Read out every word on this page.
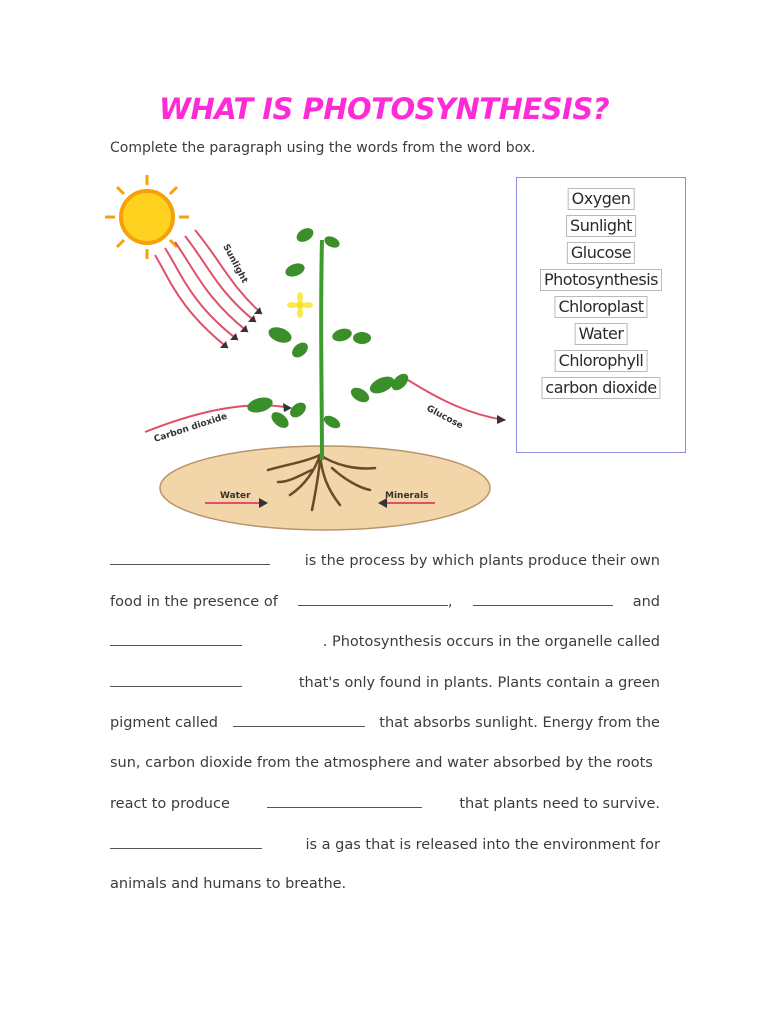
WHAT IS PHOTOSYNTHESIS?
Complete the paragraph using the words from the word box.
Sunlight
Carbon dioxide	Glucose
Water	Minerals
Oxygen
Sunlight
Glucose
Photosynthesis
Chloroplast
Water
Chlorophyll
carbon dioxide
is the process by which plants produce their own
food in the presence of	,	and
. Photosynthesis occurs in the organelle called
that's only found in plants. Plants contain a green
pigment called	that absorbs sunlight. Energy from the
sun, carbon dioxide from the atmosphere and water absorbed by the roots
react to produce	that plants need to survive.
is a gas that is released into the environment for
animals and humans to breathe.
